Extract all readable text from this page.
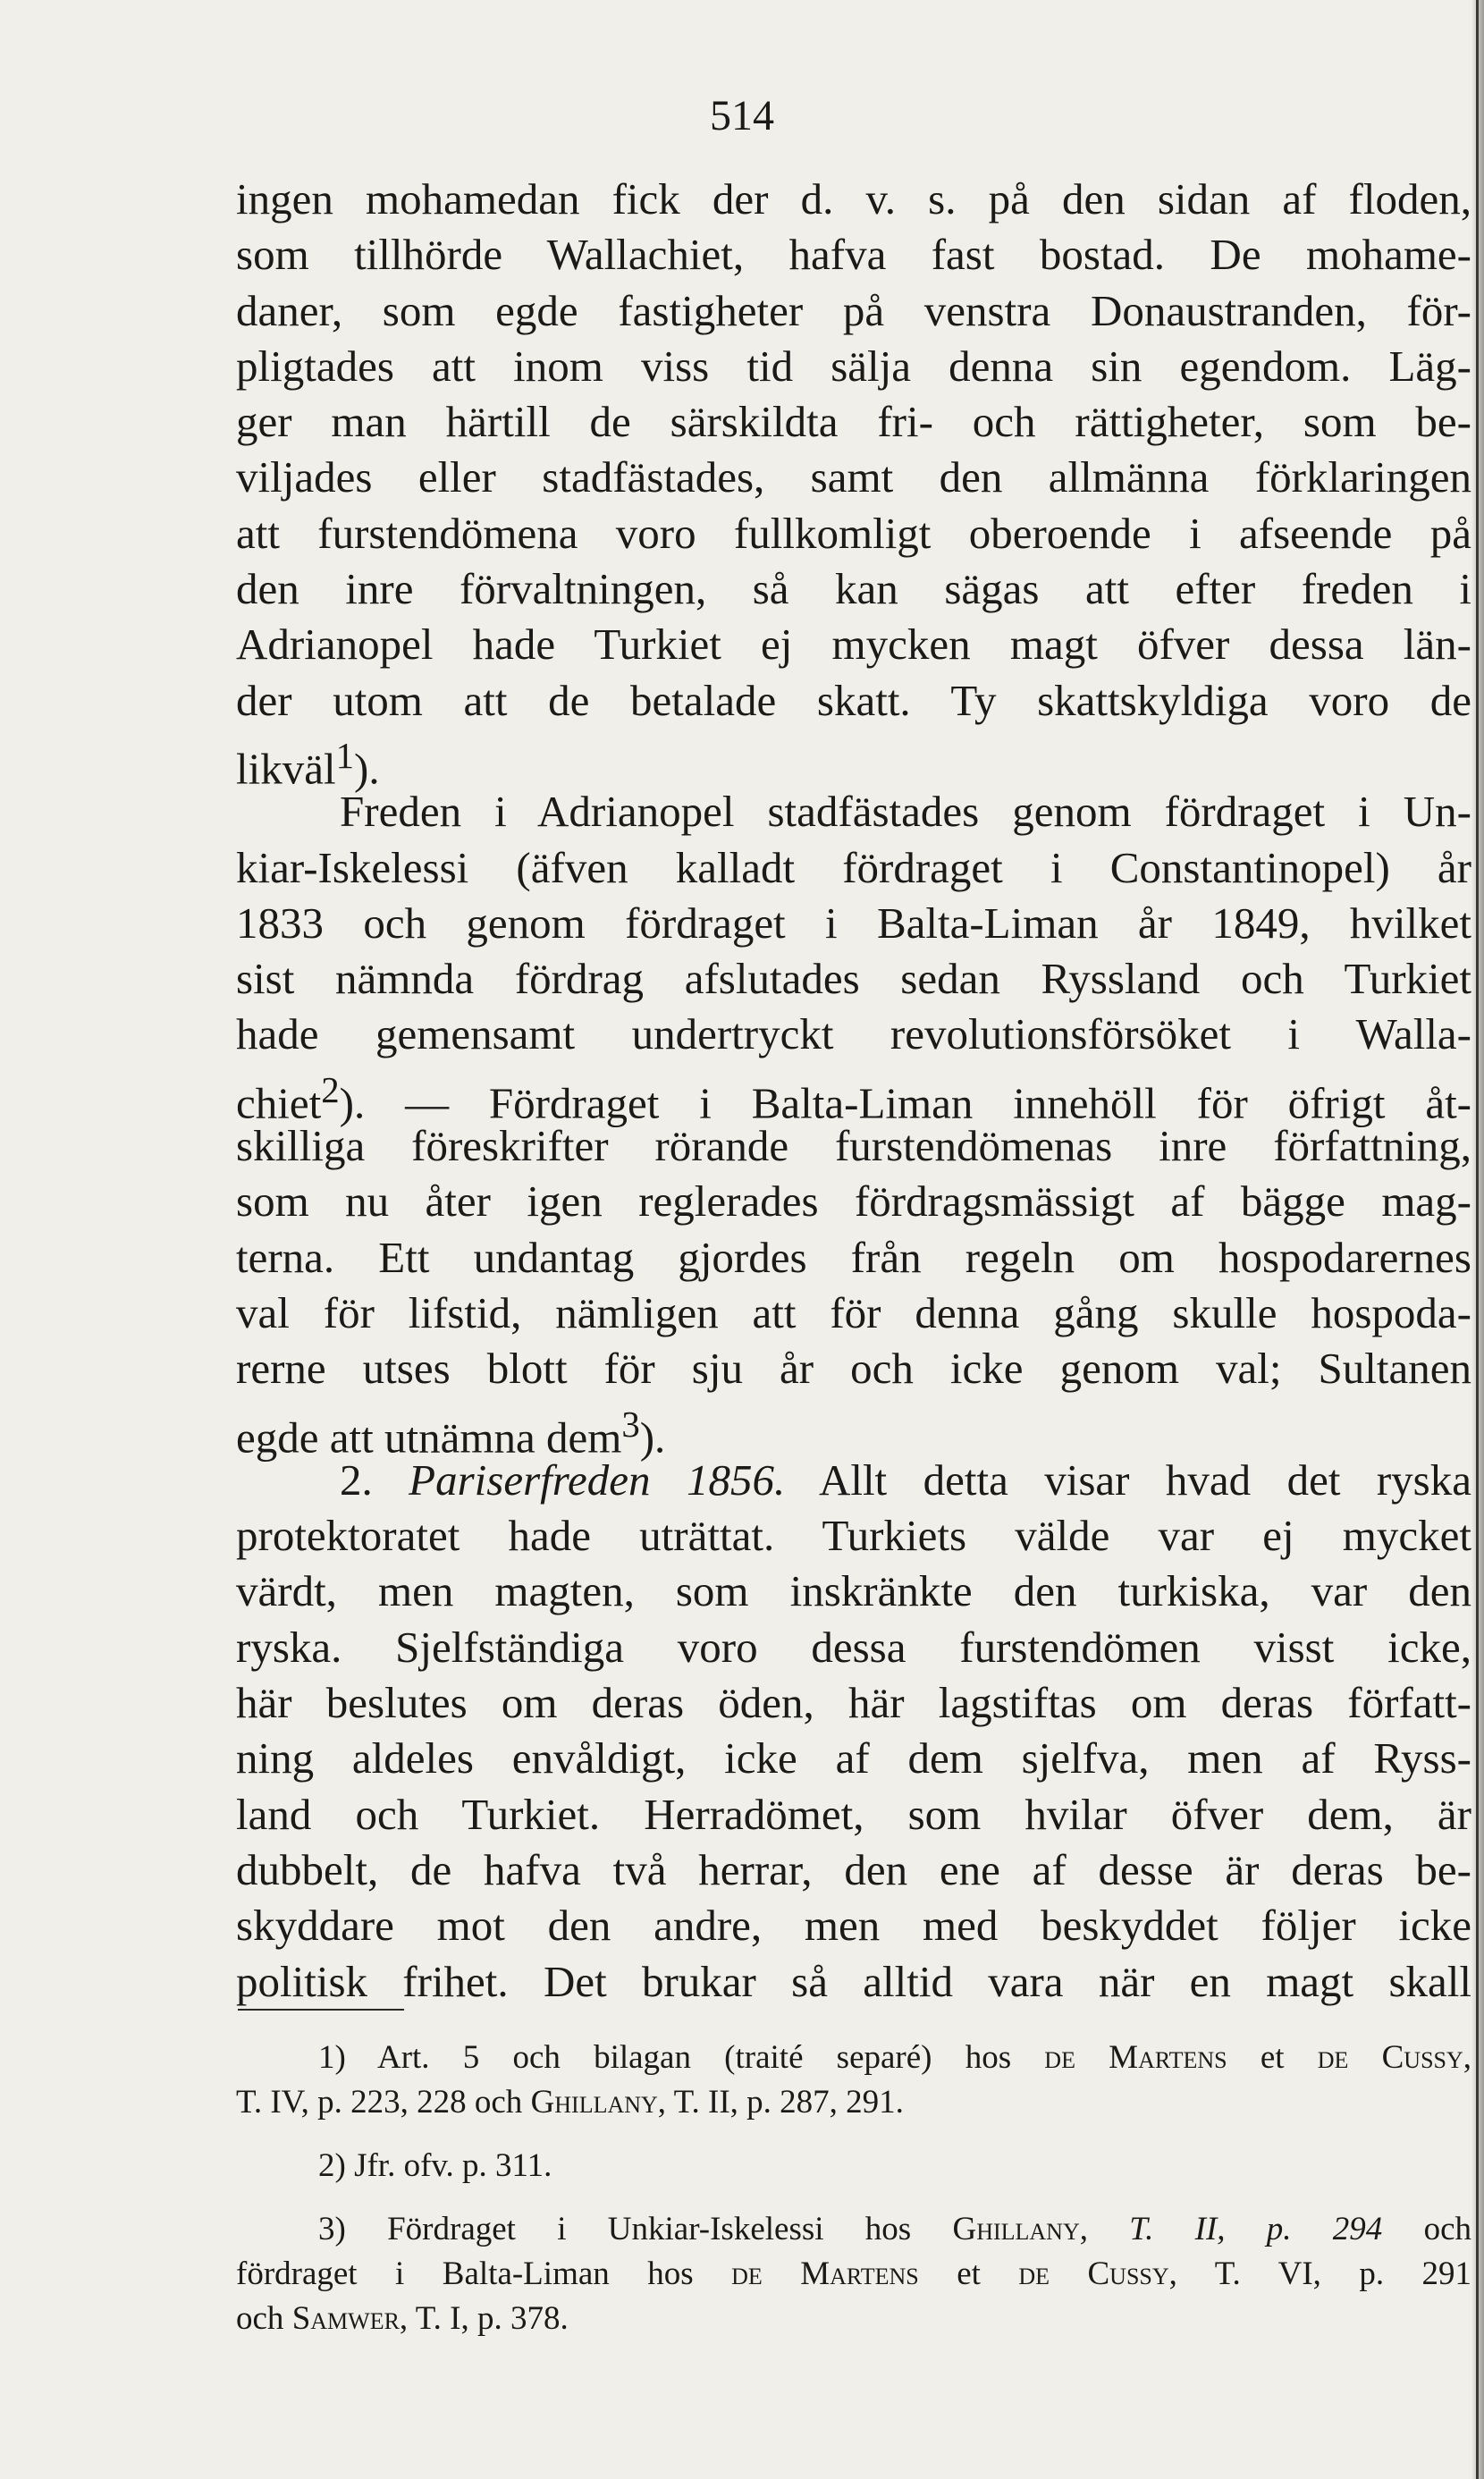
514
ingen mohamedan fick der d. v. s. på den sidan af floden,
som tillhörde Wallachiet, hafva fast bostad. De mohame-
daner, som egde fastigheter på venstra Donaustranden, för-
pligtades att inom viss tid sälja denna sin egendom. Läg-
ger man härtill de särskildta fri- och rättigheter, som be-
viljades eller stadfästades, samt den allmänna förklaringen
att furstendömena voro fullkomligt oberoende i afseende på
den inre förvaltningen, så kan sägas att efter freden i
Adrianopel hade Turkiet ej mycken magt öfver dessa län-
der utom att de betalade skatt. Ty skattskyldiga voro de
likväl$^1$).
Freden i Adrianopel stadfästades genom fördraget i Un-
kiar-Iskelessi (äfven kalladt fördraget i Constantinopel) år
1833 och genom fördraget i Balta-Liman år 1849, hvilket
sist nämnda fördrag afslutades sedan Ryssland och Turkiet
hade gemensamt undertryckt revolutionsförsöket i Walla-
chiet$^2$). — Fördraget i Balta-Liman innehöll för öfrigt åt-
skilliga föreskrifter rörande furstendömenas inre författning,
som nu åter igen reglerades fördragsmässigt af bägge mag-
terna. Ett undantag gjordes från regeln om hospodarernes
val för lifstid, nämligen att för denna gång skulle hospoda-
rerne utses blott för sju år och icke genom val; Sultanen
egde att utnämna dem$^3$).
2. Pariserfreden 1856. Allt detta visar hvad det ryska
protektoratet hade uträttat. Turkiets välde var ej mycket
värdt, men magten, som inskränkte den turkiska, var den
ryska. Sjelfständiga voro dessa furstendömen visst icke,
här beslutes om deras öden, här lagstiftas om deras författ-
ning aldeles envåldigt, icke af dem sjelfva, men af Ryss-
land och Turkiet. Herradömet, som hvilar öfver dem, är
dubbelt, de hafva två herrar, den ene af desse är deras be-
skyddare mot den andre, men med beskyddet följer icke
politisk frihet. Det brukar så alltid vara när en magt skall
1) Art. 5 och bilagan (traité separé) hos de Martens et de Cussy,
T. IV, p. 223, 228 och Ghillany, T. II, p. 287, 291.
2) Jfr. ofv. p. 311.
3) Fördraget i Unkiar-Iskelessi hos Ghillany, T. II, p. 294 och
fördraget i Balta-Liman hos de Martens et de Cussy, T. VI, p. 291
och Samwer, T. I, p. 378.
